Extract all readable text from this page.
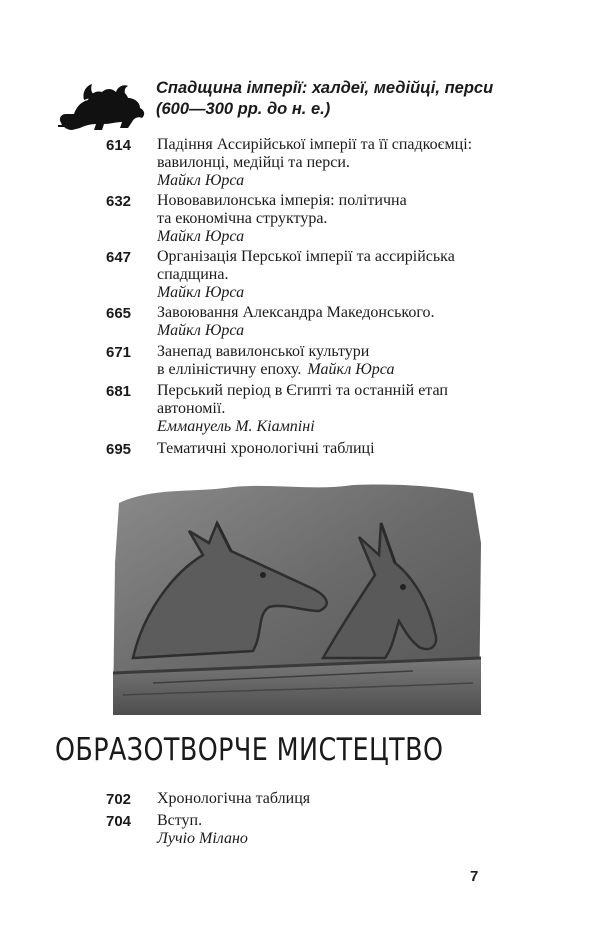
Спадщина імперії: халдеї, медійці, перси
(600—300 рр. до н. е.)
614 Падіння Ассирійської імперії та її спадкоємці:
вавилонці, медійці та перси.
Майкл Юрса
632 Нововавилонська імперія: політична
та економічна структура.
Майкл Юрса
647 Організація Перської імперії та ассирійська
спадщина.
Майкл Юрса
665 Завоювання Александра Македонського.
Майкл Юрса
671 Занепад вавилонської культури
в елліністичну епоху. Майкл Юрса
681 Перський період в Єгипті та останній етап
автономії.
Еммануель М. Кіампіні
695 Тематичні хронологічні таблиці
ОБРАЗОТВОРЧЕ МИСТЕЦТВО
702 Хронологічна таблиця
704 Вступ.
Лучіо Мілано
7
